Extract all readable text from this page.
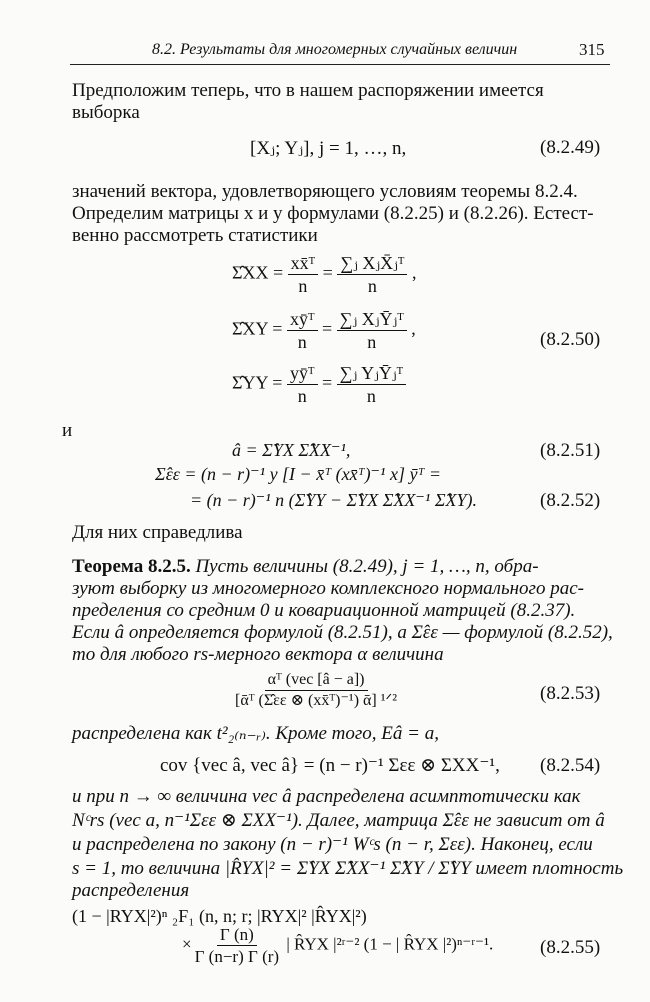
8.2. Результаты для многомерных случайных величин	315
Предположим теперь, что в нашем распоряжении имеется
выборка
[Xⱼ; Yⱼ], j = 1, …, n,	(8.2.49)
значений вектора, удовлетворяющего условиям теоремы 8.2.4.
Определим матрицы x и y формулами (8.2.25) и (8.2.26). Естест-
венно рассмотреть статистики
Σ̂XX = $\frac{\text{xx̄ᵀ}}{n} = \frac{\text{∑ⱼ XⱼX̄ⱼᵀ}}{n}$ ,
Σ̂XY = $\frac{\text{xȳᵀ}}{n} = \frac{\text{∑ⱼ XⱼȲⱼᵀ}}{n}$ ,
(8.2.50)
Σ̂YY = $\frac{\text{yȳᵀ}}{n} = \frac{\text{∑ⱼ YⱼȲⱼᵀ}}{n}$
и
â = Σ̂YX Σ̂XX⁻¹,	(8.2.51)
Σ̂εε = (n − r)⁻¹ y [I − x̄ᵀ (xx̄ᵀ)⁻¹ x] ȳᵀ =
= (n − r)⁻¹ n (Σ̂YY − Σ̂YX Σ̂XX⁻¹ Σ̂XY).	(8.2.52)
Для них справедлива
Теорема 8.2.5. Пусть величины (8.2.49), j = 1, …, n, обра-
зуют выборку из многомерного комплексного нормального рас-
пределения со средним 0 и ковариационной матрицей (8.2.37).
Если â определяется формулой (8.2.51), а Σ̂εε — формулой (8.2.52),
то для любого rs-мерного вектора α величина
$\frac{\text{αᵀ (vec [â − a])}}{\text{[ᾱᵀ (Σ̂εε ⊗ (xx̄ᵀ)⁻¹) ᾱ] ¹ᐟ²}}$	(8.2.53)
распределена как t²₂₍ₙ₋ᵣ₎. Кроме того, Eâ = a,
cov {vec â, vec â} = (n − r)⁻¹ Σεε ⊗ ΣXX⁻¹, (8.2.54)
и при n → ∞ величина vec â распределена асимптотически как
Nᶜrs (vec a, n⁻¹Σεε ⊗ ΣXX⁻¹). Далее, матрица Σ̂εε не зависит от â
и распределена по закону (n − r)⁻¹ Wᶜs (n − r, Σεε). Наконец, если
s = 1, то величина |R̂YX|² = Σ̂YX Σ̂XX⁻¹ Σ̂XY / Σ̂YY имеет плотность
распределения
(1 − |RYX|²)ⁿ ₂F₁ (n, n; r; |RYX|² |R̂YX|²)
× $\frac{\Gamma (n)}{\Gamma (n-r) \Gamma (r)}$ | R̂YX |²ʳ⁻² (1 − | R̂YX |²)ⁿ⁻ʳ⁻¹. (8.2.55)
